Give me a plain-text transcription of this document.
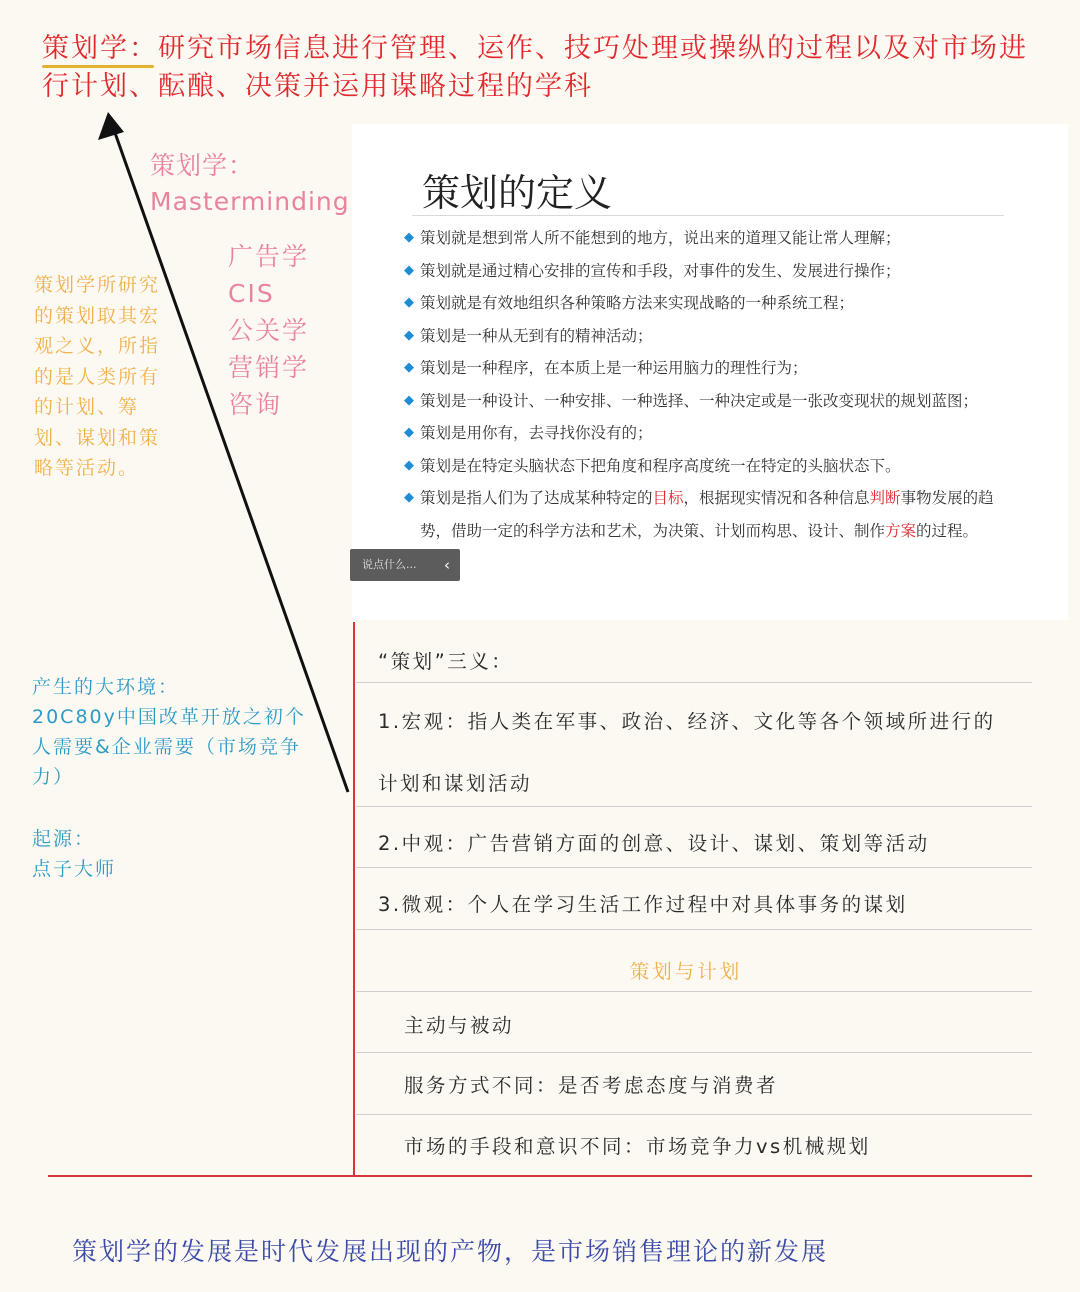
策划学：
研究市场信息进行管理、运作、技巧处理或操纵的过程以及对市场进行计划、酝酿、决策并运用谋略过程的学科
策划学：
Masterminding
广告学
CIS
公关学
营销学
咨询
策划学所研究的策划取其宏观之义，所指的是人类所有的计划、筹划、谋划和策略等活动。
产生的大环境：
20C80y中国改革开放之初个人需要&企业需要（市场竞争力）
起源：
点子大师
策划的定义
◆ 策划就是想到常人所不能想到的地方，说出来的道理又能让常人理解；
◆ 策划就是通过精心安排的宣传和手段，对事件的发生、发展进行操作；
◆ 策划就是有效地组织各种策略方法来实现战略的一种系统工程；
◆ 策划是一种从无到有的精神活动；
◆ 策划是一种程序，在本质上是一种运用脑力的理性行为；
◆ 策划是一种设计、一种安排、一种选择、一种决定或是一张改变现状的规划蓝图；
◆ 策划是用你有，去寻找你没有的；
◆ 策划是在特定头脑状态下把角度和程序高度统一在特定的头脑状态下。
◆ 策划是指人们为了达成某种特定的目标，根据现实情况和各种信息判断事物发展的趋势，借助一定的科学方法和艺术，为决策、计划而构思、设计、制作方案的过程。
说点什么... ‹
“策划”三义：
1.宏观：指人类在军事、政治、经济、文化等各个领域所进行的
计划和谋划活动
2.中观：广告营销方面的创意、设计、谋划、策划等活动
3.微观：个人在学习生活工作过程中对具体事务的谋划
策划与计划
主动与被动
服务方式不同：是否考虑态度与消费者
市场的手段和意识不同：市场竞争力vs机械规划
策划学的发展是时代发展出现的产物，是市场销售理论的新发展
